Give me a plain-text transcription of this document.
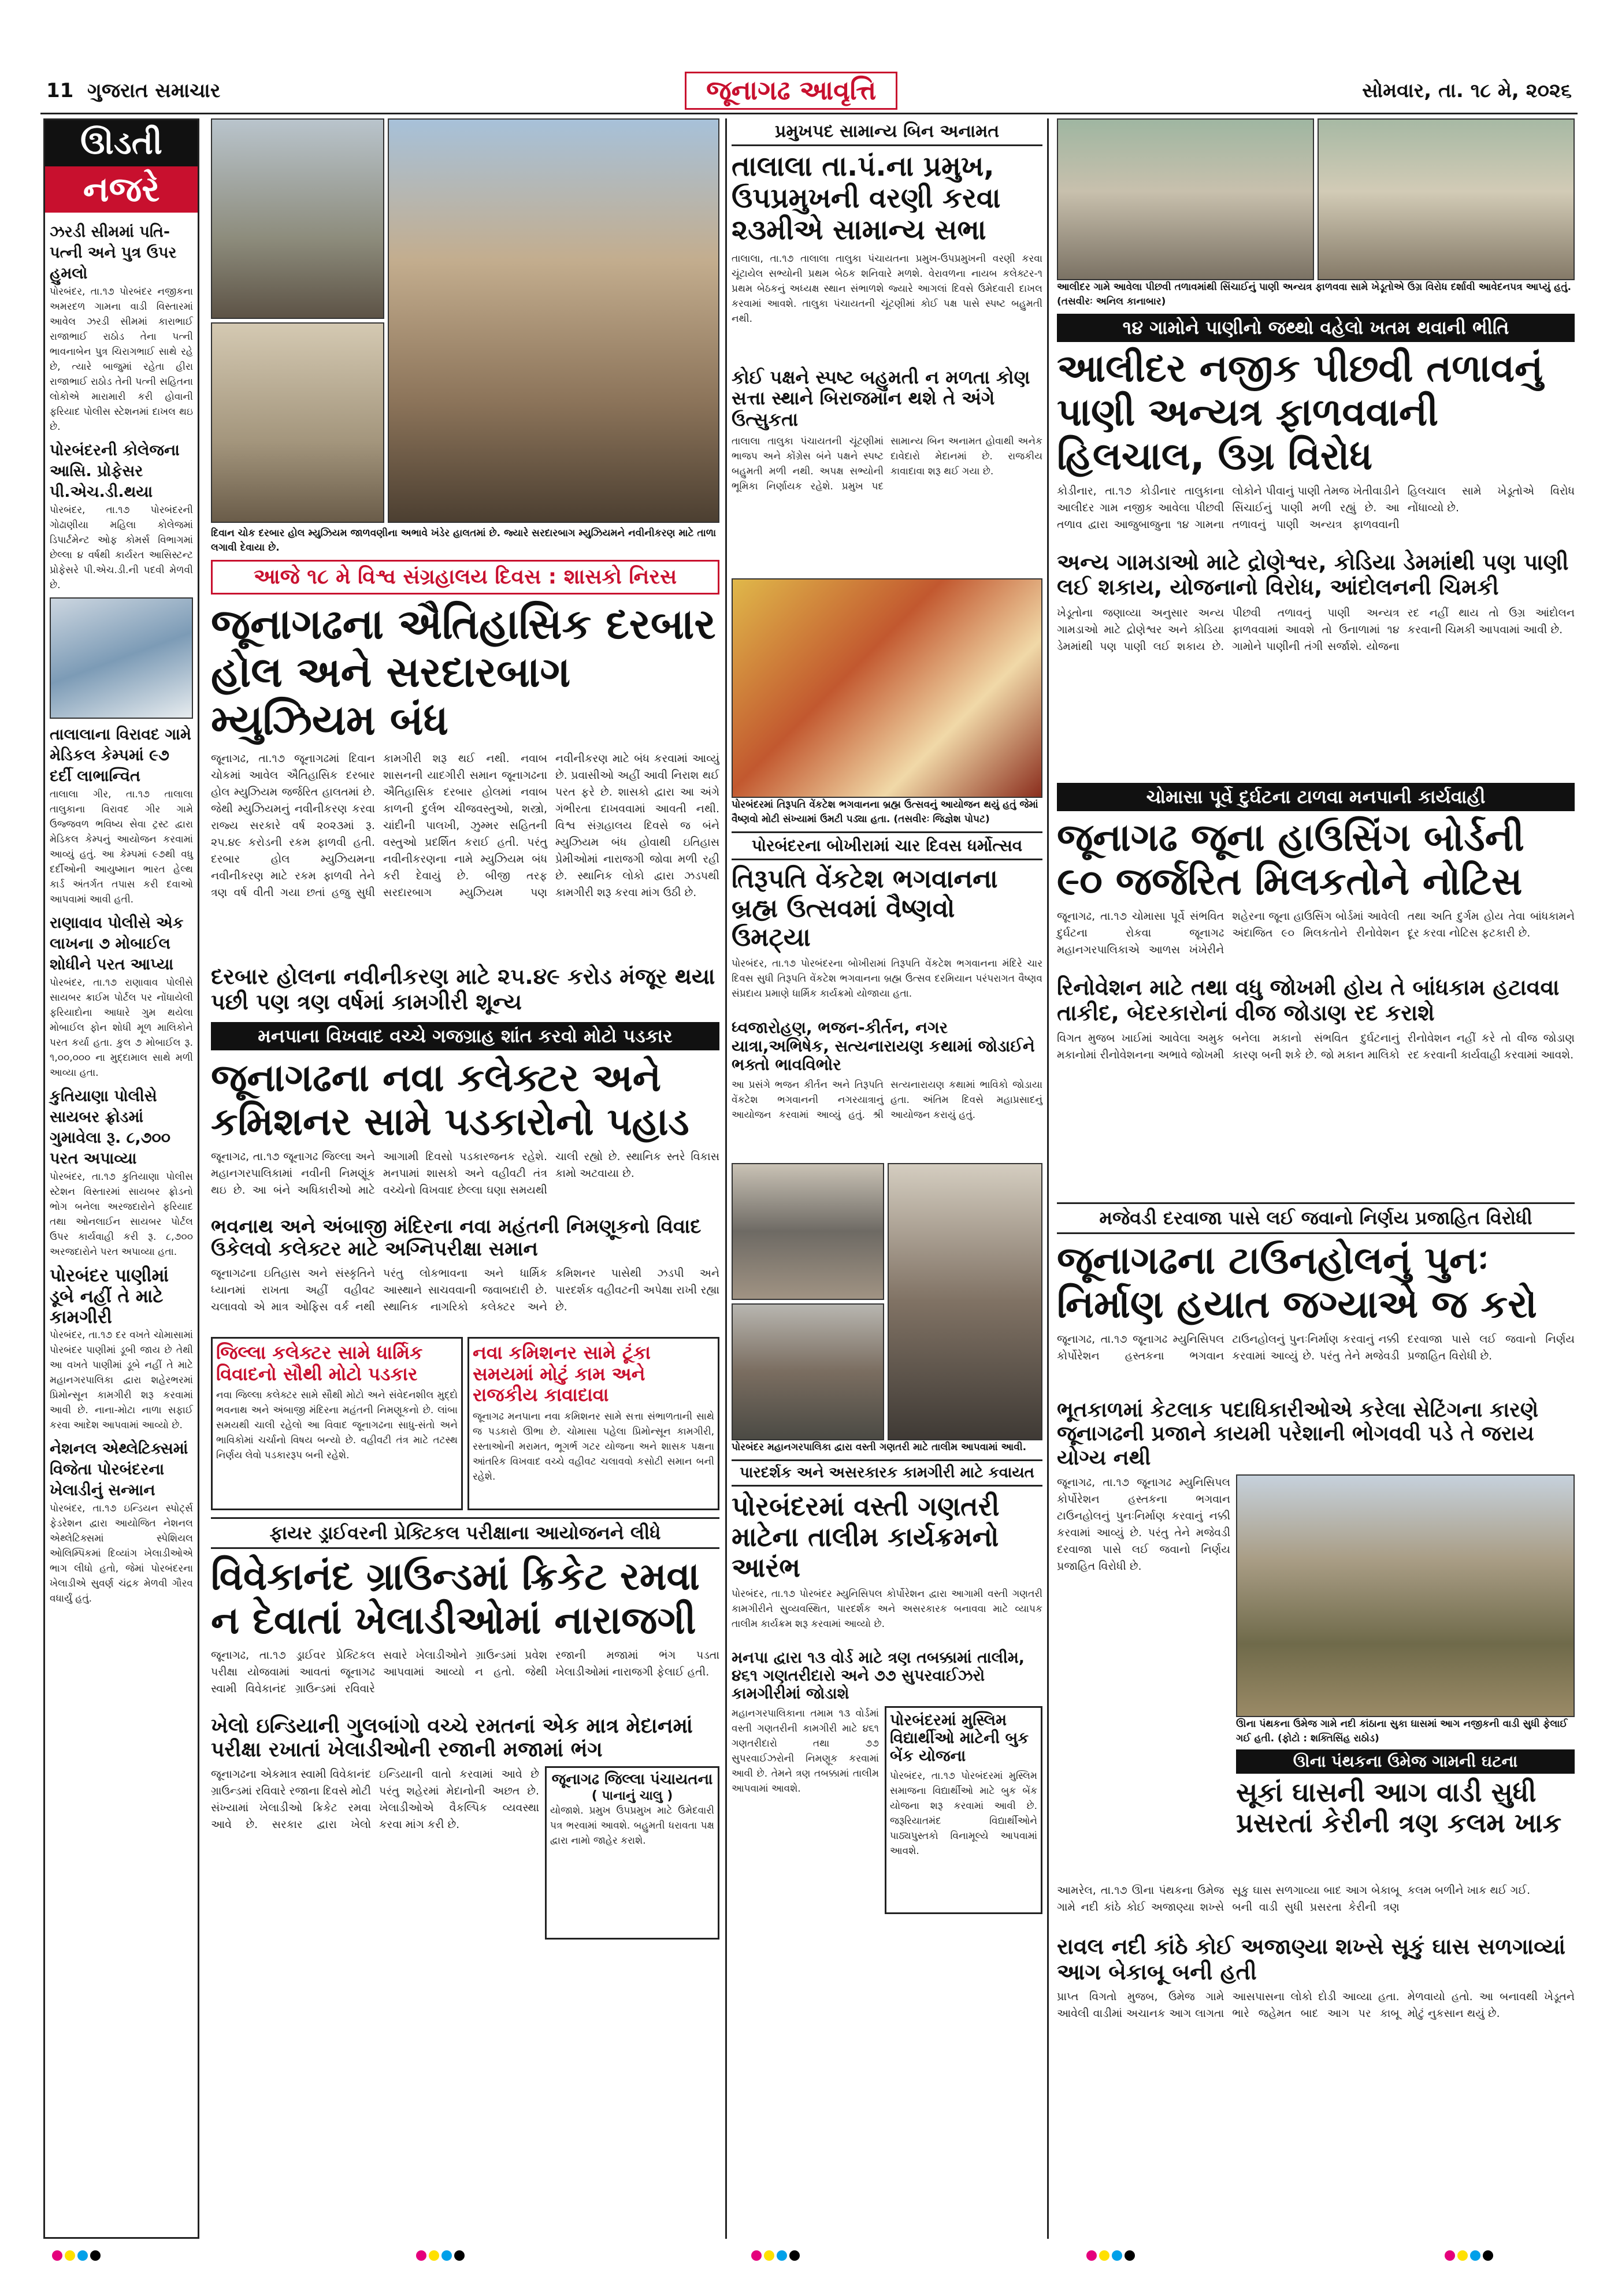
11 ગુજરાત સમાચાર	જૂનાગઢ આવૃત્તિ	સોમવાર, તા. ૧૮ મે, ૨૦૨૬
ઊડતી
નજરે
ઝરડી સીમમાં પતિ-પત્ની અને પુત્ર ઉપર હુમલો
પોરબંદર, તા.૧૭ પોરબંદર નજીકના અમરદળ ગામના વાડી વિસ્તારમાં આવેલ ઝરડી સીમમાં કારાભાઈ રાજાભાઈ રાઠોડ તેના પત્ની ભાવનાબેન પુત્ર ચિરાગભાઈ સાથે રહે છે, ત્યારે બાજુમાં રહેતા હીરા રાજાભાઈ રાઠોડ તેની પત્ની સહિતના લોકોએ મારામારી કરી હોવાની ફરિયાદ પોલીસ સ્ટેશનમાં દાખલ થઇ છે.
પોરબંદરની કોલેજના આસિ. પ્રોફેસર પી.એચ.ડી.થયા
પોરબંદર, તા.૧૭ પોરબંદરની ગોઢાણીયા મહિલા કોલેજમાં ડિપાર્ટમેન્ટ ઓફ કોમર્સ વિભાગમાં છેલ્લા ૪ વર્ષથી કાર્યરત આસિસ્ટન્ટ પ્રોફેસરે પી.એચ.ડી.ની પદવી મેળવી છે.
તાલાલાના વિરાવદ ગામે મેડિકલ કેમ્પમાં ૯૭ દર્દી લાભાન્વિત
તાલાલા ગીર, તા.૧૭ તાલાલા તાલુકાના વિરાવદ ગીર ગામે ઉજ્જવળ ભવિષ્ય સેવા ટ્રસ્ટ દ્વારા મેડિકલ કેમ્પનું આયોજન કરવામાં આવ્યું હતું. આ કેમ્પમાં ૯૭થી વધુ દર્દીઓની આયુષ્માન ભારત હેલ્થ કાર્ડ અંતર્ગત તપાસ કરી દવાઓ આપવામાં આવી હતી.
રાણાવાવ પોલીસે એક લાખના ૭ મોબાઈલ શોધીને પરત આપ્યા
પોરબંદર, તા.૧૭ રાણાવાવ પોલીસે સાયબર ક્રાઈમ પોર્ટલ પર નોંધાયેલી ફરિયાદોના આધારે ગુમ થયેલા મોબાઈલ ફોન શોધી મૂળ માલિકોને પરત કર્યા હતા. કુલ ૭ મોબાઈલ રૂ. ૧,૦૦,૦૦૦ ના મુદ્દામાલ સાથે મળી આવ્યા હતા.
કુતિયાણા પોલીસે સાયબર ફ્રોડમાં ગુમાવેલા રૂ. ૮,૭૦૦ પરત અપાવ્યા
પોરબંદર, તા.૧૭ કુતિયાણા પોલીસ સ્ટેશન વિસ્તારમાં સાયબર ફ્રોડનો ભોગ બનેલા અરજદારોને ફરિયાદ તથા ઓનલાઈન સાયબર પોર્ટલ ઉપર કાર્યવાહી કરી રૂ. ૮,૭૦૦ અરજદારોને પરત અપાવ્યા હતા.
પોરબંદર પાણીમાં ડૂબે નહીં તે માટે કામગીરી
પોરબંદર, તા.૧૭ દર વખતે ચોમાસામાં પોરબંદર પાણીમાં ડૂબી જાય છે તેથી આ વખતે પાણીમાં ડૂબે નહીં તે માટે મહાનગરપાલિકા દ્વારા શહેરભરમાં પ્રિમોન્સૂન કામગીરી શરૂ કરવામાં આવી છે. નાના-મોટા નાળા સફાઈ કરવા આદેશ આપવામાં આવ્યો છે.
નેશનલ એથ્લેટિક્સમાં વિજેતા પોરબંદરના ખેલાડીનું સન્માન
પોરબંદર, તા.૧૭ ઇન્ડિયન સ્પોર્ટ્સ ફેડરેશન દ્વારા આયોજિત નેશનલ એથ્લેટિક્સમાં સ્પેશિયલ ઓલિમ્પિકમાં દિવ્યાંગ ખેલાડીઓએ ભાગ લીધો હતો, જેમાં પોરબંદરના ખેલાડીએ સુવર્ણ ચંદ્રક મેળવી ગૌરવ વધાર્યું હતું.
દિવાન ચોક દરબાર હોલ મ્યુઝિયમ જાળવણીના અભાવે ખંડેર હાલતમાં છે. જ્યારે સરદારબાગ મ્યુઝિયમને નવીનીકરણ માટે તાળા લગાવી દેવાયા છે.
આજે ૧૮ મે વિશ્વ સંગ્રહાલય દિવસ : શાસકો નિરસ
જૂનાગઢના ઐતિહાસિક દરબાર હોલ અને સરદારબાગ મ્યુઝિયમ બંધ
જૂનાગઢ, તા.૧૭ જૂનાગઢમાં દિવાન ચોકમાં આવેલ ઐતિહાસિક દરબાર હોલ મ્યુઝિયમ જર્જરિત હાલતમાં છે. જેથી મ્યુઝિયમનું નવીનીકરણ કરવા રાજ્ય સરકારે વર્ષ ૨૦૨૩માં રૂ. ૨૫.૪૯ કરોડની રકમ ફાળવી હતી. દરબાર હોલ મ્યુઝિયમના નવીનીકરણ માટે રકમ ફાળવી તેને ત્રણ વર્ષ વીતી ગયા છતાં હજુ સુધી કામગીરી શરૂ થઈ નથી. નવાબ શાસનની યાદગીરી સમાન જૂનાગઢના ઐતિહાસિક દરબાર હોલમાં નવાબ કાળની દુર્લભ ચીજવસ્તુઓ, શસ્ત્રો, ચાંદીની પાલખી, ઝુમ્મર સહિતની વસ્તુઓ પ્રદર્શિત કરાઈ હતી. પરંતુ નવીનીકરણના નામે મ્યુઝિયમ બંધ કરી દેવાયું છે. બીજી તરફ સરદારબાગ મ્યુઝિયમ પણ નવીનીકરણ માટે બંધ કરવામાં આવ્યું છે. પ્રવાસીઓ અહીં આવી નિરાશ થઈ પરત ફરે છે. શાસકો દ્વારા આ અંગે ગંભીરતા દાખવવામાં આવતી નથી. વિશ્વ સંગ્રહાલય દિવસે જ બંને મ્યુઝિયમ બંધ હોવાથી ઇતિહાસ પ્રેમીઓમાં નારાજગી જોવા મળી રહી છે. સ્થાનિક લોકો દ્વારા ઝડપથી કામગીરી શરૂ કરવા માંગ ઉઠી છે.
દરબાર હોલના નવીનીકરણ માટે ૨૫.૪૯ કરોડ મંજૂર થયા પછી પણ ત્રણ વર્ષમાં કામગીરી શૂન્ય
મનપાના વિખવાદ વચ્ચે ગજગ્રાહ શાંત કરવો મોટો પડકાર
જૂનાગઢના નવા કલેક્ટર અને કમિશનર સામે પડકારોનો પહાડ
જૂનાગઢ, તા.૧૭ જૂનાગઢ જિલ્લા અને મહાનગરપાલિકામાં નવીની નિમણૂંક થઇ છે. આ બંને અધિકારીઓ માટે આગામી દિવસો પડકારજનક રહેશે. મનપામાં શાસકો અને વહીવટી તંત્ર વચ્ચેનો વિખવાદ છેલ્લા ઘણા સમયથી ચાલી રહ્યો છે. સ્થાનિક સ્તરે વિકાસ કામો અટવાયા છે.
ભવનાથ અને અંબાજી મંદિરના નવા મહંતની નિમણૂકનો વિવાદ ઉકેલવો કલેક્ટર માટે અગ્નિપરીક્ષા સમાન
જૂનાગઢના ઇતિહાસ અને સંસ્કૃતિને ધ્યાનમાં રાખતા અહીં વહીવટ ચલાવવો એ માત્ર ઓફિસ વર્ક નથી પરંતુ લોકભાવના અને ધાર્મિક આસ્થાને સાચવવાની જવાબદારી છે. સ્થાનિક નાગરિકો કલેક્ટર અને કમિશનર પાસેથી ઝડપી અને પારદર્શક વહીવટની અપેક્ષા રાખી રહ્યા છે.
જિલ્લા કલેક્ટર સામે ધાર્મિક વિવાદનો સૌથી મોટો પડકાર
નવા જિલ્લા કલેક્ટર સામે સૌથી મોટો અને સંવેદનશીલ મુદ્દો ભવનાથ અને અંબાજી મંદિરના મહંતની નિમણૂકનો છે. લાંબા સમયથી ચાલી રહેલો આ વિવાદ જૂનાગઢના સાધુ-સંતો અને ભાવિકોમાં ચર્ચાનો વિષય બન્યો છે. વહીવટી તંત્ર માટે તટસ્થ નિર્ણય લેવો પડકારરૂપ બની રહેશે.
નવા કમિશનર સામે ટૂંકા સમયમાં મોટું કામ અને રાજકીય કાવાદાવા
જૂનાગઢ મનપાના નવા કમિશનર સામે સત્તા સંભાળતાની સાથે જ પડકારો ઊભા છે. ચોમાસા પહેલા પ્રિમોન્સૂન કામગીરી, રસ્તાઓની મરામત, ભૂગર્ભ ગટર યોજના અને શાસક પક્ષના આંતરિક વિખવાદ વચ્ચે વહીવટ ચલાવવો કસોટી સમાન બની રહેશે.
ફાયર ડ્રાઈવરની પ્રેક્ટિકલ પરીક્ષાના આયોજનને લીધે
વિવેકાનંદ ગ્રાઉન્ડમાં ક્રિકેટ રમવા ન દેવાતાં ખેલાડીઓમાં નારાજગી
જૂનાગઢ, તા.૧૭ ડ્રાઈવર પ્રેક્ટિકલ પરીક્ષા યોજવામાં આવતાં જૂનાગઢ સ્વામી વિવેકાનંદ ગ્રાઉન્ડમાં રવિવારે સવારે ખેલાડીઓને ગ્રાઉન્ડમાં પ્રવેશ આપવામાં આવ્યો ન હતો. જેથી રજાની મજામાં ભંગ પડતા ખેલાડીઓમાં નારાજગી ફેલાઈ હતી.
ખેલો ઇન્ડિયાની ગુલબાંગો વચ્ચે રમતનાં એક માત્ર મેદાનમાં પરીક્ષા રખાતાં ખેલાડીઓની રજાની મજામાં ભંગ
જૂનાગઢના એકમાત્ર સ્વામી વિવેકાનંદ ગ્રાઉન્ડમાં રવિવારે રજાના દિવસે મોટી સંખ્યામાં ખેલાડીઓ ક્રિકેટ રમવા આવે છે. સરકાર દ્વારા ખેલો ઇન્ડિયાની વાતો કરવામાં આવે છે પરંતુ શહેરમાં મેદાનોની અછત છે. ખેલાડીઓએ વૈકલ્પિક વ્યવસ્થા કરવા માંગ કરી છે.
જૂનાગઢ જિલ્લા પંચાયતના
( પાનાનું ચાલુ )
યોજાશે. પ્રમુખ ઉપપ્રમુખ માટે ઉમેદવારી પત્ર ભરવામાં આવશે. બહુમતી ધરાવતા પક્ષ દ્વારા નામો જાહેર કરાશે.
પ્રમુખપદ સામાન્ય બિન અનામત
તાલાલા તા.પં.ના પ્રમુખ, ઉપપ્રમુખની વરણી કરવા ૨૩મીએ સામાન્ય સભા
તાલાલા, તા.૧૭ તાલાલા તાલુકા પંચાયતના પ્રમુખ-ઉપપ્રમુખની વરણી કરવા ચૂંટાયેલ સભ્યોની પ્રથમ બેઠક શનિવારે મળશે. વેરાવળના નાયબ કલેક્ટર-૧ પ્રથમ બેઠકનું અધ્યક્ષ સ્થાન સંભાળશે જ્યારે આગલાં દિવસે ઉમેદવારી દાખલ કરવામાં આવશે. તાલુકા પંચાયતની ચૂંટણીમાં કોઈ પક્ષ પાસે સ્પષ્ટ બહુમતી નથી.
કોઈ પક્ષને સ્પષ્ટ બહુમતી ન મળતા કોણ સત્તા સ્થાને બિરાજમાન થશે તે અંગે ઉત્સુકતા
તાલાલા તાલુકા પંચાયતની ચૂંટણીમાં ભાજપ અને કોંગ્રેસ બંને પક્ષને સ્પષ્ટ બહુમતી મળી નથી. અપક્ષ સભ્યોની ભૂમિકા નિર્ણાયક રહેશે. પ્રમુખ પદ સામાન્ય બિન અનામત હોવાથી અનેક દાવેદારો મેદાનમાં છે. રાજકીય કાવાદાવા શરૂ થઈ ગયા છે.
પોરબંદરમાં તિરૂપતિ વેંકટેશ ભગવાનના બ્રહ્મ ઉત્સવનું આયોજન થયું હતું જેમાં વૈષ્ણવો મોટી સંખ્યામાં ઉમટી પડ્યા હતા. (તસવીરઃ જિજ્ઞેશ પોપટ)
પોરબંદરના બોખીરામાં ચાર દિવસ ધર્મોત્સવ
તિરૂપતિ વેંકટેશ ભગવાનના બ્રહ્મ ઉત્સવમાં વૈષ્ણવો ઉમટ્યા
પોરબંદર, તા.૧૭ પોરબંદરના બોખીરામાં તિરૂપતિ વેંકટેશ ભગવાનના મંદિરે ચાર દિવસ સુધી તિરૂપતિ વેંકટેશ ભગવાનના બ્રહ્મ ઉત્સવ દરમિયાન પરંપરાગત વૈષ્ણવ સંપ્રદાય પ્રમાણે ધાર્મિક કાર્યક્રમો યોજાયા હતા.
ધ્વજારોહણ, ભજન-કીર્તન, નગર યાત્રા,અભિષેક, સત્યનારાયણ કથામાં જોડાઈને ભક્તો ભાવવિભોર
આ પ્રસંગે ભજન કીર્તન અને તિરૂપતિ વેંકટેશ ભગવાનની નગરયાત્રાનું આયોજન કરવામાં આવ્યું હતું. શ્રી સત્યનારાયણ કથામાં ભાવિકો જોડાયા હતા. અંતિમ દિવસે મહાપ્રસાદનું આયોજન કરાયું હતું.
પોરબંદર મહાનગરપાલિકા દ્વારા વસ્તી ગણતરી માટે તાલીમ આપવામાં આવી.
પારદર્શક અને અસરકારક કામગીરી માટે કવાયત
પોરબંદરમાં વસ્તી ગણતરી માટેના તાલીમ કાર્યક્રમનો આરંભ
પોરબંદર, તા.૧૭ પોરબંદર મ્યુનિસિપલ કોર્પોરેશન દ્વારા આગામી વસ્તી ગણતરી કામગીરીને સુવ્યવસ્થિત, પારદર્શક અને અસરકારક બનાવવા માટે વ્યાપક તાલીમ કાર્યક્રમ શરૂ કરવામાં આવ્યો છે.
મનપા દ્વારા ૧૩ વોર્ડ માટે ત્રણ તબક્કામાં તાલીમ, ૪૬૧ ગણતરીદારો અને ૭૭ સુપરવાઈઝરો કામગીરીમાં જોડાશે
મહાનગરપાલિકાના તમામ ૧૩ વોર્ડમાં વસ્તી ગણતરીની કામગીરી માટે ૪૬૧ ગણતરીદારો તથા ૭૭ સુપરવાઈઝરોની નિમણૂક કરવામાં આવી છે. તેમને ત્રણ તબક્કામાં તાલીમ આપવામાં આવશે.
પોરબંદરમાં મુસ્લિમ વિદ્યાર્થીઓ માટેની બુક બેંક યોજના
પોરબંદર, તા.૧૭ પોરબંદરમાં મુસ્લિમ સમાજના વિદ્યાર્થીઓ માટે બુક બેંક યોજના શરૂ કરવામાં આવી છે. જરૂરિયાતમંદ વિદ્યાર્થીઓને પાઠ્યપુસ્તકો વિનામૂલ્યે આપવામાં આવશે.
આલીદર ગામે આવેલા પીછવી તળાવમાંથી સિંચાઈનું પાણી અન્યત્ર ફાળવવા સામે ખેડૂતોએ ઉગ્ર વિરોધ દર્શાવી આવેદનપત્ર આપ્યું હતું. (તસવીરઃ અનિલ કાનાબાર)
૧૪ ગામોને પાણીનો જથ્થો વહેલો ખતમ થવાની ભીતિ
આલીદર નજીક પીછવી તળાવનું પાણી અન્યત્ર ફાળવવાની હિલચાલ, ઉગ્ર વિરોધ
કોડીનાર, તા.૧૭ કોડીનાર તાલુકાના આલીદર ગામ નજીક આવેલા પીછવી તળાવ દ્વારા આજુબાજુના ૧૪ ગામના લોકોને પીવાનું પાણી તેમજ ખેતીવાડીને સિંચાઈનું પાણી મળી રહ્યું છે. આ તળાવનું પાણી અન્યત્ર ફાળવવાની હિલચાલ સામે ખેડૂતોએ વિરોધ નોંધાવ્યો છે.
અન્ય ગામડાઓ માટે દ્રોણેશ્વર, કોડિયા ડેમમાંથી પણ પાણી લઈ શકાય, યોજનાનો વિરોધ, આંદોલનની ચિમકી
ખેડૂતોના જણાવ્યા અનુસાર અન્ય ગામડાઓ માટે દ્રોણેશ્વર અને કોડિયા ડેમમાંથી પણ પાણી લઈ શકાય છે. પીછવી તળાવનું પાણી અન્યત્ર ફાળવવામાં આવશે તો ઉનાળામાં ૧૪ ગામોને પાણીની તંગી સર્જાશે. યોજના રદ નહીં થાય તો ઉગ્ર આંદોલન કરવાની ચિમકી આપવામાં આવી છે.
ચોમાસા પૂર્વે દુર્ઘટના ટાળવા મનપાની કાર્યવાહી
જૂનાગઢ જૂના હાઉસિંગ બોર્ડની ૯૦ જર્જરિત મિલકતોને નોટિસ
જૂનાગઢ, તા.૧૭ ચોમાસા પૂર્વે સંભવિત દુર્ઘટના રોકવા જૂનાગઢ મહાનગરપાલિકાએ આળસ ખંખેરીને શહેરના જૂના હાઉસિંગ બોર્ડમાં આવેલી અંદાજિત ૯૦ મિલકતોને રીનોવેશન તથા અતિ દુર્ગમ હોય તેવા બાંધકામને દૂર કરવા નોટિસ ફટકારી છે.
રિનોવેશન માટે તથા વધુ જોખમી હોય તે બાંધકામ હટાવવા તાકીદ, બેદરકારોનાં વીજ જોડાણ રદ કરાશે
વિગત મુજબ ખાઈમાં આવેલા અમુક મકાનોમાં રીનોવેશનના અભાવે જોખમી બનેલા મકાનો સંભવિત દુર્ઘટનાનું કારણ બની શકે છે. જો મકાન માલિકો રીનોવેશન નહીં કરે તો વીજ જોડાણ રદ કરવાની કાર્યવાહી કરવામાં આવશે.
મજેવડી દરવાજા પાસે લઈ જવાનો નિર્ણય પ્રજાહિત વિરોધી
જૂનાગઢના ટાઉનહોલનું પુનઃ નિર્માણ હયાત જગ્યાએ જ કરો
જૂનાગઢ, તા.૧૭ જૂનાગઢ મ્યુનિસિપલ કોર્પોરેશન હસ્તકના ભગવાન ટાઉનહોલનું પુનઃનિર્માણ કરવાનું નક્કી કરવામાં આવ્યું છે. પરંતુ તેને મજેવડી દરવાજા પાસે લઈ જવાનો નિર્ણય પ્રજાહિત વિરોધી છે.
ભૂતકાળમાં કેટલાક પદાધિકારીઓએ કરેલા સેટિંગના કારણે જૂનાગઢની પ્રજાને કાયમી પરેશાની ભોગવવી પડે તે જરાય યોગ્ય નથી
જૂનાગઢ, તા.૧૭ જૂનાગઢ મ્યુનિસિપલ કોર્પોરેશન હસ્તકના ભગવાન ટાઉનહોલનું પુનઃનિર્માણ કરવાનું નક્કી કરવામાં આવ્યું છે. પરંતુ તેને મજેવડી દરવાજા પાસે લઈ જવાનો નિર્ણય પ્રજાહિત વિરોધી છે.
ઊના પંથકના ઉમેજ ગામે નદી કાંઠાના સુકા ઘાસમાં આગ નજીકની વાડી સુધી ફેલાઈ ગઈ હતી. (ફોટો : શક્તિસિંહ રાઠોડ)
ઊના પંથકના ઉમેજ ગામની ઘટના
સૂકાં ઘાસની આગ વાડી સુધી પ્રસરતાં કેરીની ત્રણ કલમ ખાક
આમરેલ, તા.૧૭ ઊના પંથકના ઉમેજ ગામે નદી કાંઠે કોઈ અજાણ્યા શખ્સે સૂકુ ઘાસ સળગાવ્યા બાદ આગ બેકાબૂ બની વાડી સુધી પ્રસરતા કેરીની ત્રણ કલમ બળીને ખાક થઈ ગઈ.
રાવલ નદી કાંઠે કોઈ અજાણ્યા શખ્સે સૂકું ઘાસ સળગાવ્યાં આગ બેકાબૂ બની હતી
પ્રાપ્ત વિગતો મુજબ, ઉમેજ ગામે આવેલી વાડીમાં અચાનક આગ લાગતા આસપાસના લોકો દોડી આવ્યા હતા. ભારે જહેમત બાદ આગ પર કાબૂ મેળવાયો હતો. આ બનાવથી ખેડૂતને મોટું નુકસાન થયું છે.
